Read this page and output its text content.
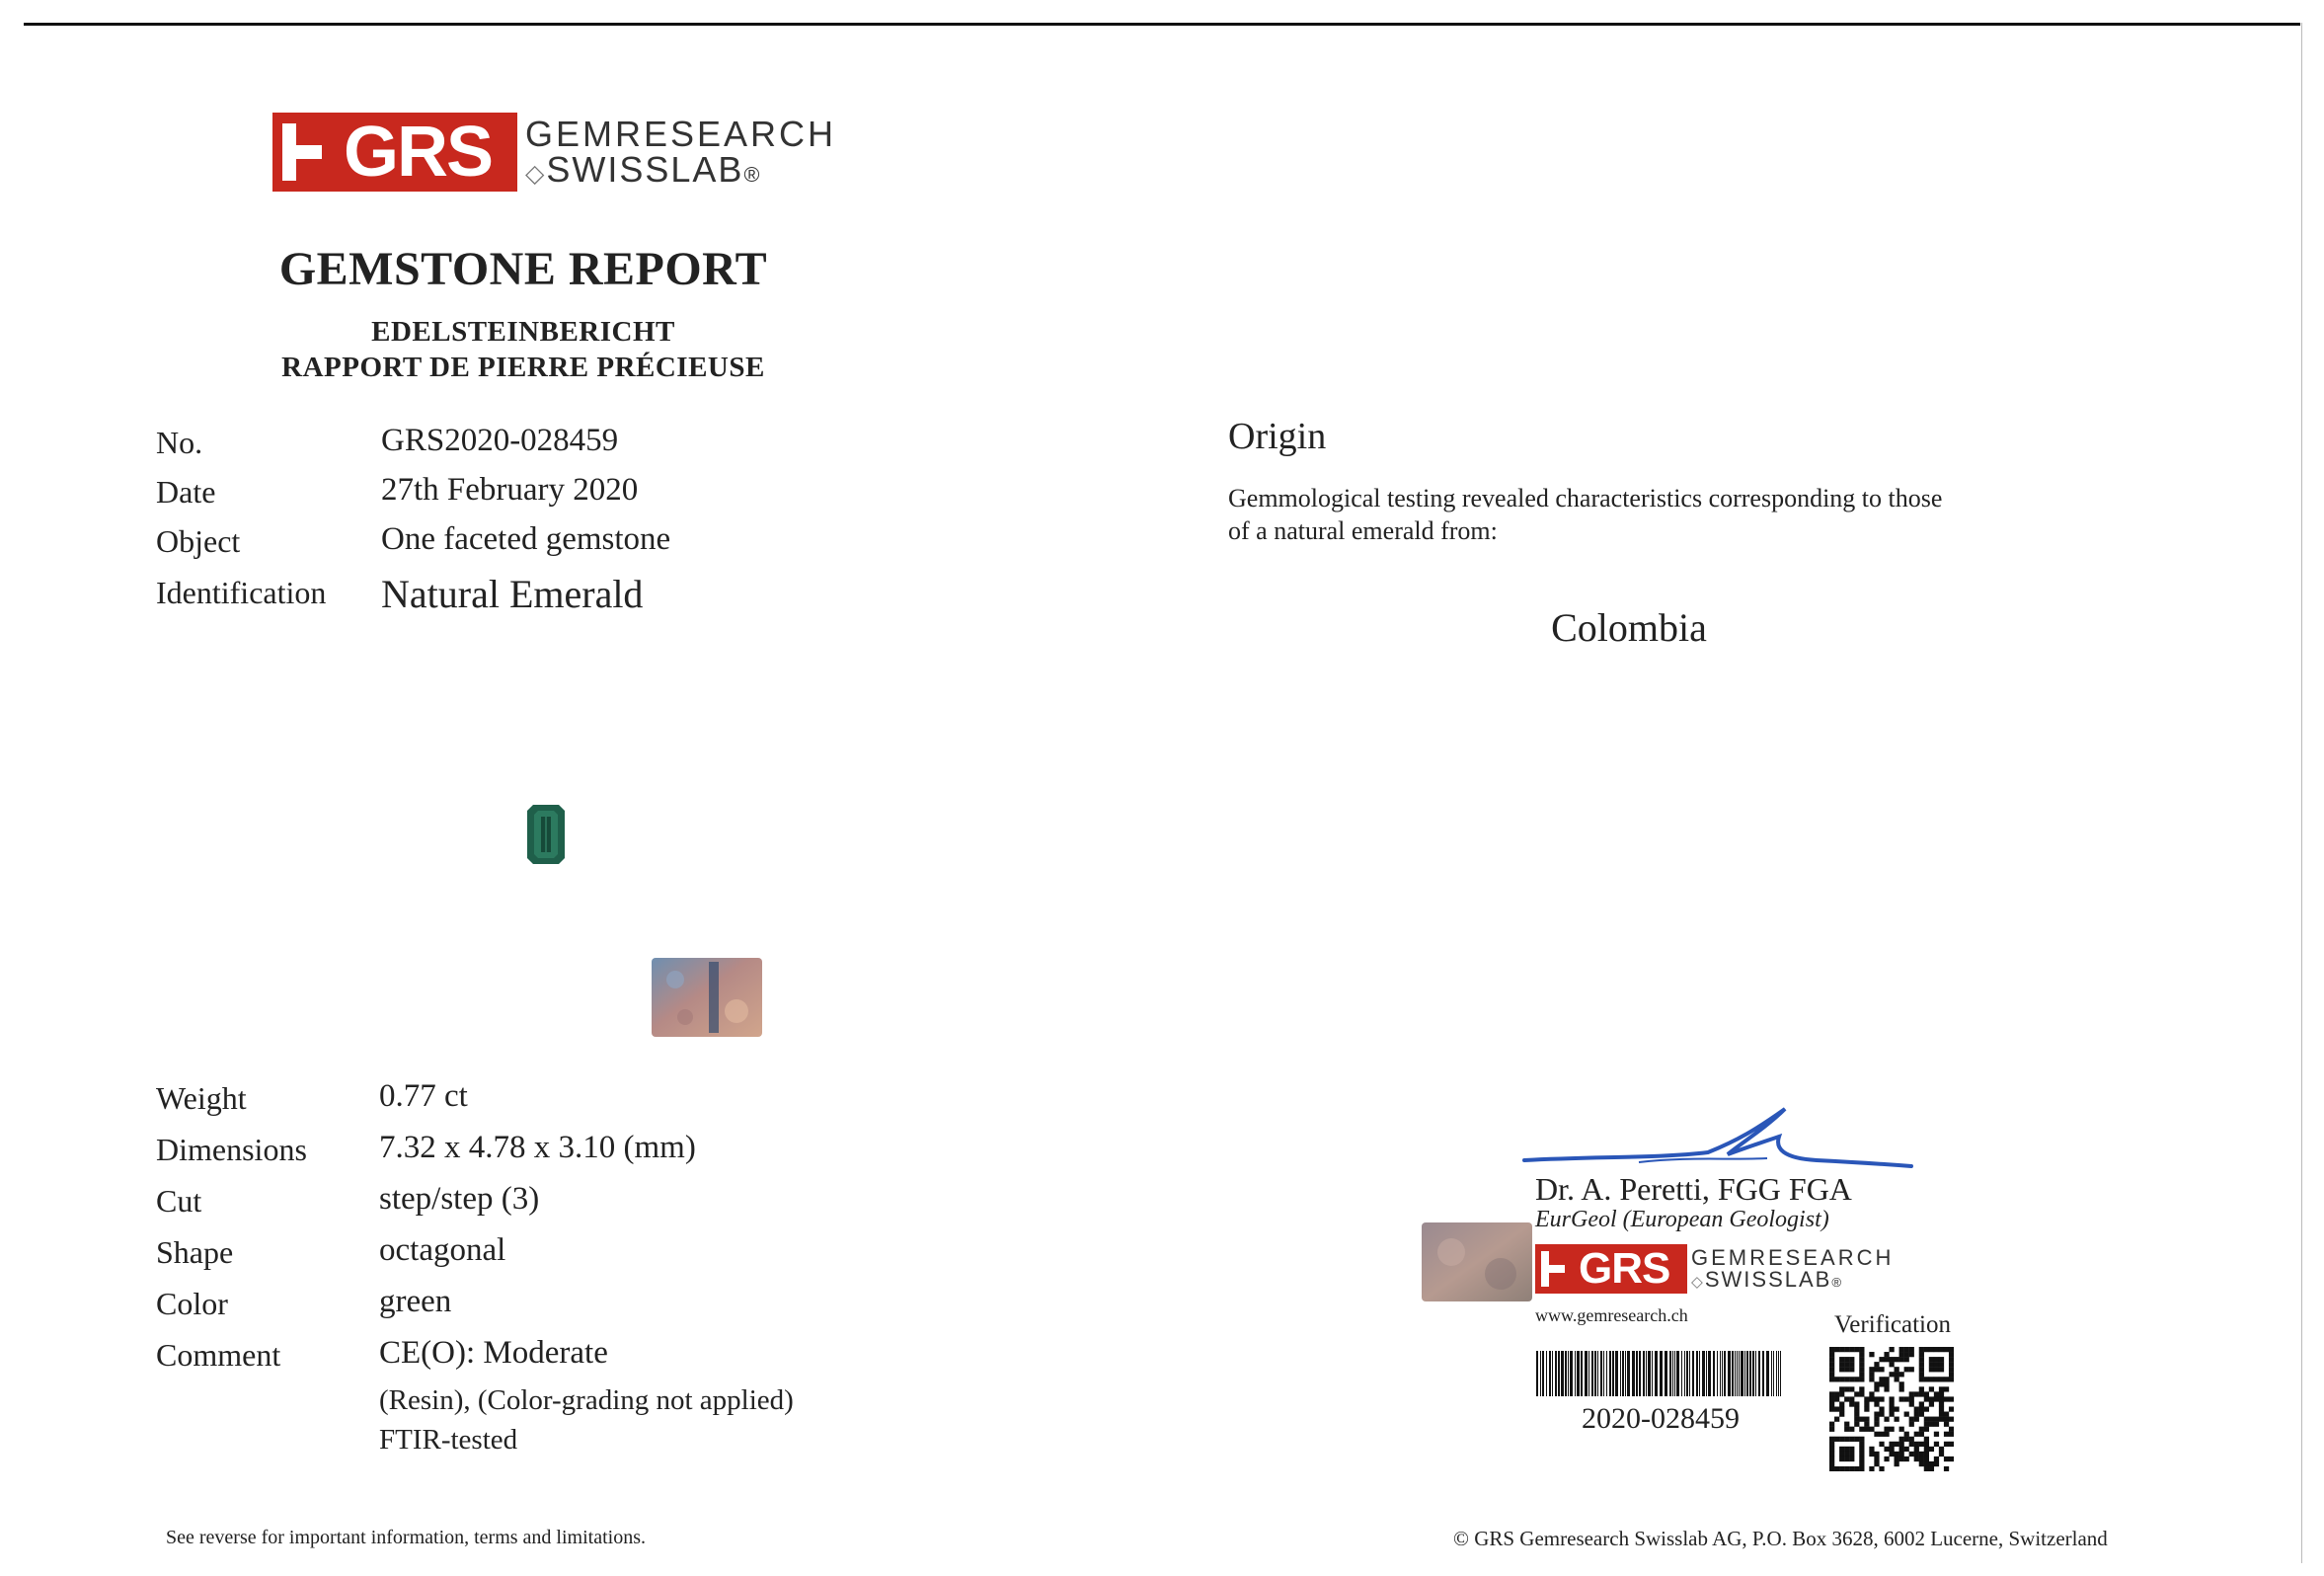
GRS GEMRESEARCH
◇SWISSLAB®
GEMSTONE REPORT
EDELSTEINBERICHT
RAPPORT DE PIERRE PRÉCIEUSE
No.	GRS2020-028459
Date	27th February 2020
Object	One faceted gemstone
Identification Natural Emerald
Origin
Gemmological testing revealed characteristics corresponding to those
of a natural emerald from:
Colombia
Weight	0.77 ct
Dimensions 7.32 x 4.78 x 3.10 (mm)
Cut	step/step (3)
Shape	octagonal
Color	green
Comment	CE(O): Moderate
(Resin), (Color-grading not applied)
FTIR-tested
Dr. A. Peretti, FGG FGA
EurGeol (European Geologist)
GRS GEMRESEARCH
◇SWISSLAB®
www.gemresearch.ch	Verification
2020-028459
See reverse for important information, terms and limitations.	© GRS Gemresearch Swisslab AG, P.O. Box 3628, 6002 Lucerne, Switzerland
